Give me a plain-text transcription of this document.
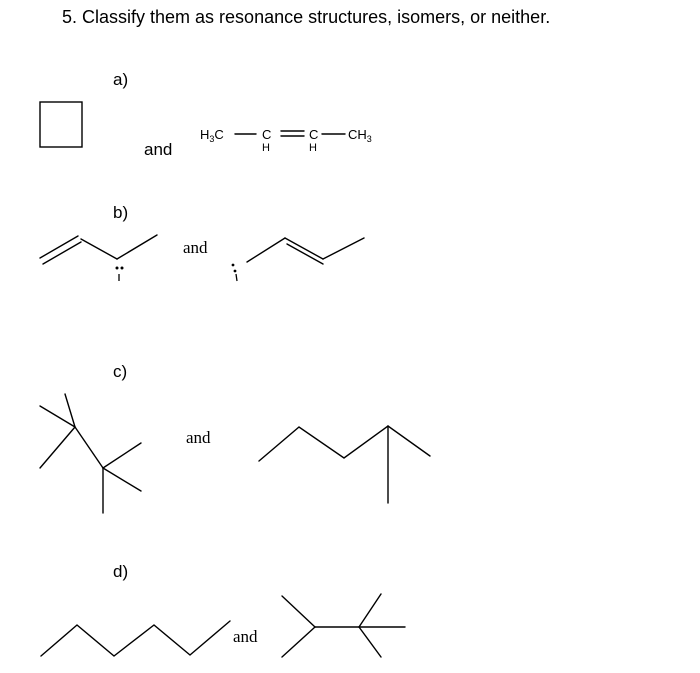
5. Classify them as resonance structures, isomers, or neither.
a)
b)
c)
d)
and
and
and
and
$H_3C$	C	C
H	H
$CH_3$
